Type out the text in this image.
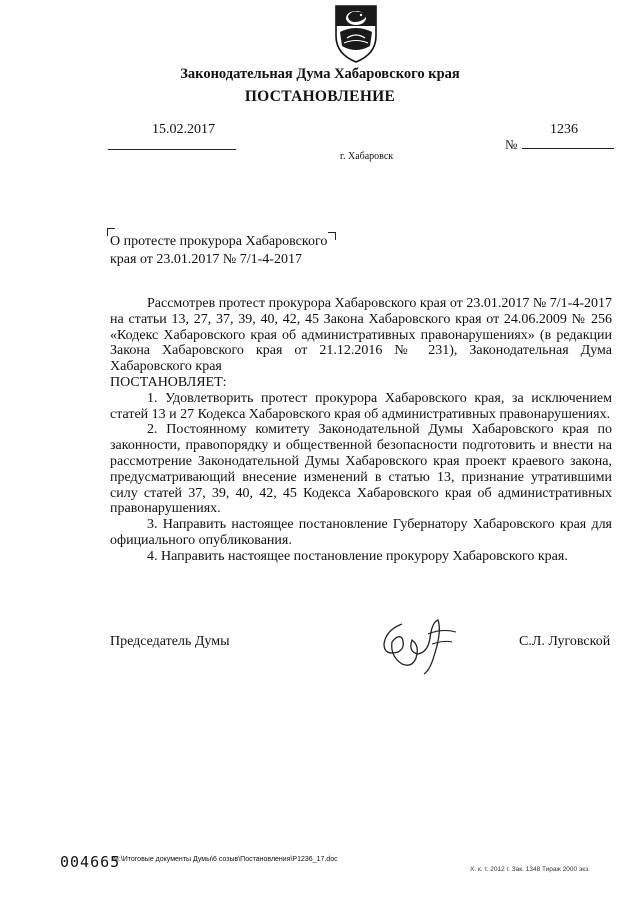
Законодательная Дума Хабаровского края
ПОСТАНОВЛЕНИЕ
15.02.2017
№
1236
г. Хабаровск
О протесте прокурора Хабаровского
края от 23.01.2017 № 7/1-4-2017

Рассмотрев протест прокурора Хабаровского края от 23.01.2017 № 7/1-4-2017 на статьи 13, 27, 37, 39, 40, 42, 45 Закона Хабаровского края от 24.06.2009 № 256 «Кодекс Хабаровского края об административных правонарушениях» (в редакции Закона Хабаровского края от 21.12.2016 № 231), Законодательная Дума Хабаровского края

ПОСТАНОВЛЯЕТ:

1. Удовлетворить протест прокурора Хабаровского края, за исключением статей 13 и 27 Кодекса Хабаровского края об административных правонарушениях.

2. Постоянному комитету Законодательной Думы Хабаровского края по законности, правопорядку и общественной безопасности подготовить и внести на рассмотрение Законодательной Думы Хабаровского края проект краевого закона, предусматривающий внесение изменений в статью 13, признание утратившими силу статей 37, 39, 40, 42, 45 Кодекса Хабаровского края об административных правонарушениях.

3. Направить настоящее постановление Губернатору Хабаровского края для официального опубликования.

4. Направить настоящее постановление прокурору Хабаровского края.

Председатель Думы	С.Л. Луговской
004665
M:\Итоговые документы Думы\6 созыв\Постановления\P1236_17.doc
Х. к. т. 2012 г. Зак. 1348 Тираж 2000 экз.
